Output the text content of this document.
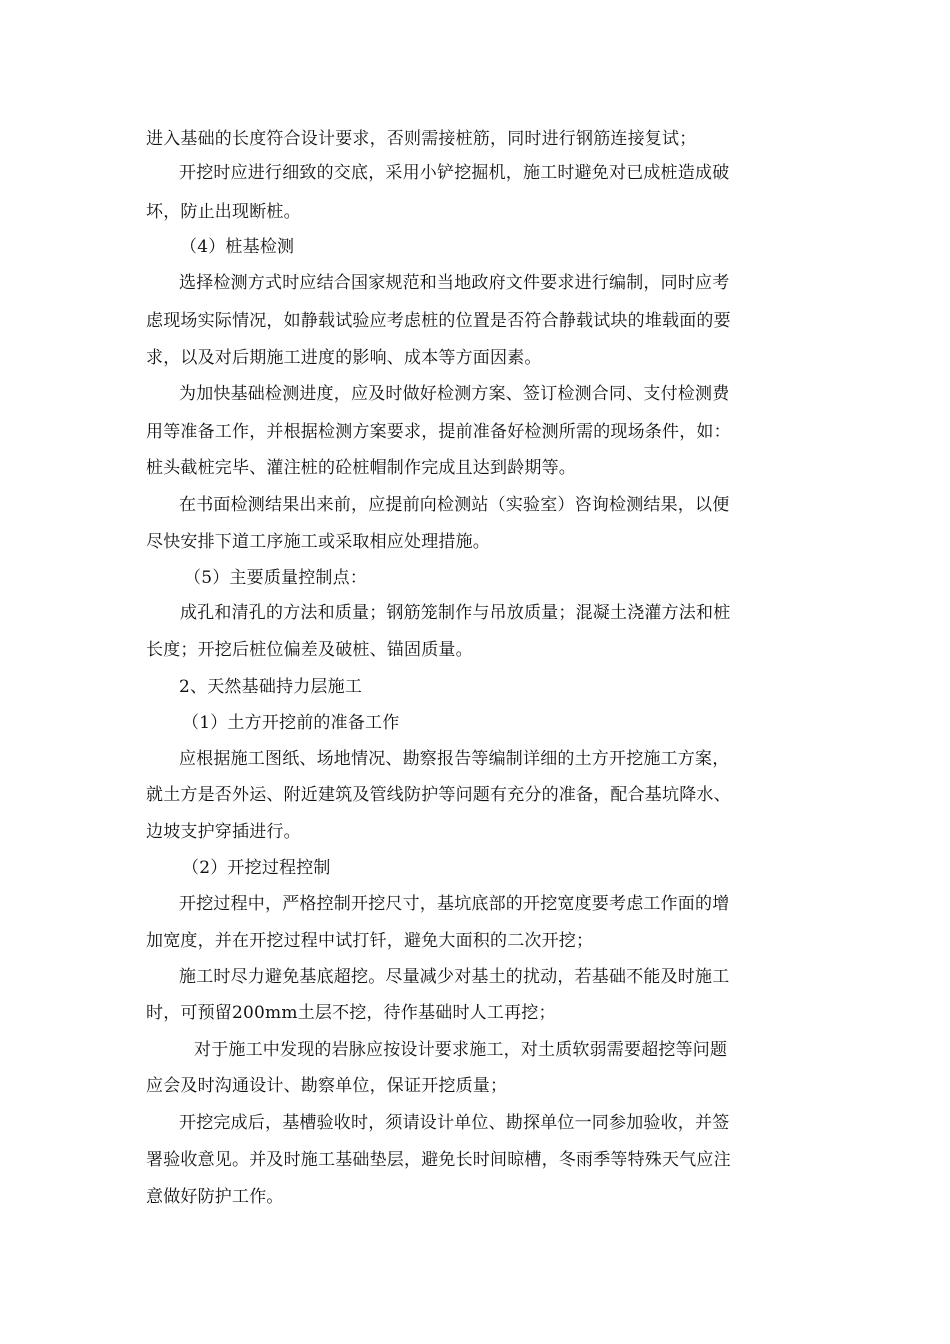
进入基础的长度符合设计要求，否则需接桩筋，同时进行钢筋连接复试；
开挖时应进行细致的交底，采用小铲挖掘机，施工时避免对已成桩造成破
坏，防止出现断桩。
（4）桩基检测
选择检测方式时应结合国家规范和当地政府文件要求进行编制，同时应考
虑现场实际情况，如静载试验应考虑桩的位置是否符合静载试块的堆载面的要
求，以及对后期施工进度的影响、成本等方面因素。
为加快基础检测进度，应及时做好检测方案、签订检测合同、支付检测费
用等准备工作，并根据检测方案要求，提前准备好检测所需的现场条件，如：
桩头截桩完毕、灌注桩的砼桩帽制作完成且达到龄期等。
在书面检测结果出来前，应提前向检测站（实验室）咨询检测结果，以便
尽快安排下道工序施工或采取相应处理措施。
（5）主要质量控制点：
成孔和清孔的方法和质量；钢筋笼制作与吊放质量；混凝土浇灌方法和桩
长度；开挖后桩位偏差及破桩、锚固质量。
2、天然基础持力层施工
（1）土方开挖前的准备工作
应根据施工图纸、场地情况、勘察报告等编制详细的土方开挖施工方案，
就土方是否外运、附近建筑及管线防护等问题有充分的准备，配合基坑降水、
边坡支护穿插进行。
（2）开挖过程控制
开挖过程中，严格控制开挖尺寸，基坑底部的开挖宽度要考虑工作面的增
加宽度，并在开挖过程中试打钎，避免大面积的二次开挖；
施工时尽力避免基底超挖。尽量减少对基土的扰动，若基础不能及时施工
时，可预留200mm土层不挖，待作基础时人工再挖；
对于施工中发现的岩脉应按设计要求施工，对土质软弱需要超挖等问题
应会及时沟通设计、勘察单位，保证开挖质量；
开挖完成后，基槽验收时，须请设计单位、勘探单位一同参加验收，并签
署验收意见。并及时施工基础垫层，避免长时间晾槽，冬雨季等特殊天气应注
意做好防护工作。
